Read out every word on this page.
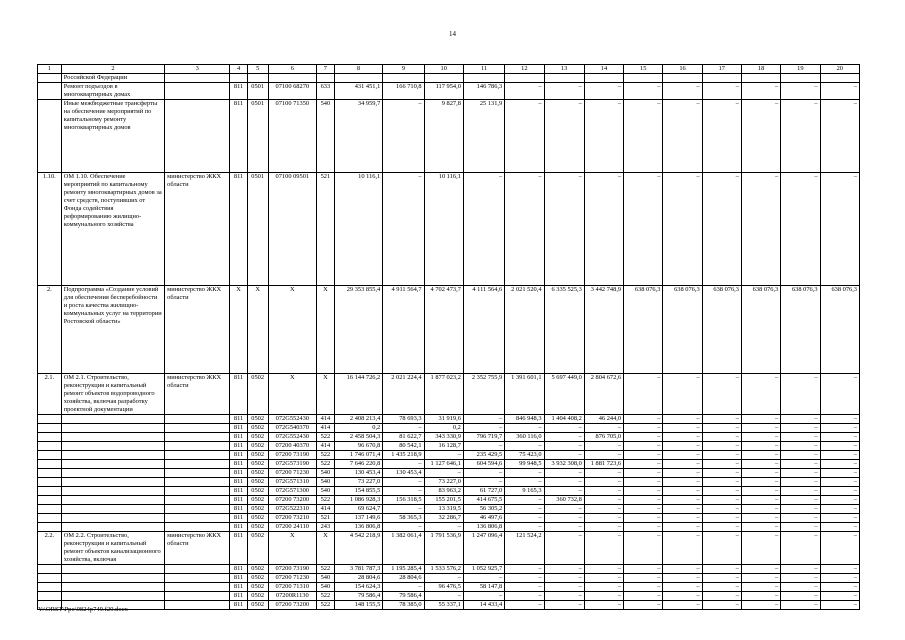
14
1	2	3	4	5	6	7	8	9	10	11	12	13	14	15	16	17	18	19	20
	Российской Федерации																		
	Ремонт подъездов в многоквартирных домах		811	0501	07100 68270	633	431 451,1	166 710,8	117 954,0	146 786,3	–	–	–	–	–	–	–	–	–
	Иные межбюджетные трансферты на обеспечение мероприятий по капитальному ремонту многоквартирных домов		811	0501	07100 71350	540	34 959,7	–	9 827,8	25 131,9	–	–	–	–	–	–	–	–	–
1.10.	ОМ 1.10. Обеспечение мероприятий по капитальному ремонту многоквартирных домов за счет средств, поступивших от Фонда содействия реформированию жилищно-коммунального хозяйства	министерство ЖКХ области	811	0501	07100 09501	521	10 116,1	–	10 116,1	–	–	–	–	–	–	–	–	–	–
2.	Подпрограмма «Создание условий для обеспечения бесперебойности и роста качества жилищно-коммунальных услуг на территории Ростовской области»	министерство ЖКХ области	Х	Х	Х	Х	29 353 855,4	4 911 564,7	4 702 473,7	4 111 564,6	2 021 520,4	6 335 525,3	3 442 748,9	638 076,3	638 076,3	638 076,3	638 076,3	638 076,3	638 076,3
2.1.	ОМ 2.1. Строительство, реконструкция и капитальный ремонт объектов водопроводного хозяйства, включая разработку проектной документации	министерство ЖКХ области	811	0502	Х	Х	16 144 726,2	2 021 224,4	1 877 023,2	2 352 755,9	1 391 601,1	5 697 449,0	2 804 672,6	–	–	–	–	–	–
			811	0502	072G552430	414	2 408 213,4	78 693,3	31 919,6	–	846 948,3	1 404 408,2	46 244,0	–	–	–	–	–	–
			811	0502	072G540370	414	0,2	–	0,2	–	–	–	–	–	–	–	–	–	–
			811	0502	072G552430	522	2 458 504,3	81 622,7	343 330,9	796 719,7	360 116,0	–	876 705,0	–	–	–	–	–	–
			811	0502	07200 40370	414	96 670,8	80 542,1	16 128,7	–	–	–	–	–	–	–	–	–	–
			811	0502	07200 73190	522	1 746 071,4	1 435 218,9	–	235 429,5	75 423,0	–	–	–	–	–	–	–	–
			811	0502	072G573190	522	7 646 220,8	–	1 127 646,1	604 594,6	99 948,5	3 932 308,0	1 881 723,6	–	–	–	–	–	–
			811	0502	07200 71230	540	130 453,4	130 453,4	–	–	–	–	–	–	–	–	–	–	–
			811	0502	072G571310	540	73 227,0	–	73 227,0	–	–	–	–	–	–	–	–	–	–
			811	0502	072G571300	540	154 855,5	–	83 963,2	61 727,0	9 165,3	–	–	–	–	–	–	–	–
			811	0502	07200 73200	522	1 086 928,3	156 318,5	155 201,5	414 675,5	–	360 732,8	–	–	–	–	–	–	–
			811	0502	072G522310	414	69 624,7	–	13 319,5	56 305,2	–	–	–	–	–	–	–	–	–
			811	0502	07200 73210	521	137 149,6	58 365,3	32 286,7	46 497,6	–	–	–	–	–	–	–	–	–
			811	0502	07200 24110	243	136 806,8	–	–	136 806,8	–	–	–	–	–	–	–	–	–
2.2.	ОМ 2.2. Строительство, реконструкция и капитальный ремонт объектов канализационного хозяйства, включая	министерство ЖКХ области	811	0502	Х	Х	4 542 218,9	1 382 061,4	1 791 536,9	1 247 096,4	121 524,2	–	–	–	–	–	–	–	–
			811	0502	07200 73190	522	3 781 787,3	1 195 285,4	1 533 576,2	1 052 925,7	–	–	–	–	–	–	–	–	–
			811	0502	07200 71230	540	28 804,6	28 804,6	–	–	–	–	–	–	–	–	–	–	–
			811	0502	07200 71310	540	154 624,3	–	96 476,5	58 147,8	–	–	–	–	–	–	–	–	–
			811	0502	07200R1130	522	79 586,4	79 586,4	–	–	–	–	–	–	–	–	–	–	–
			811	0502	07200 73200	522	148 155,5	78 385,0	55 337,1	14 433,4	–	–	–	–	–	–	–	–	–
Y:\ORST\Ppo\0824p749.f20.docx
